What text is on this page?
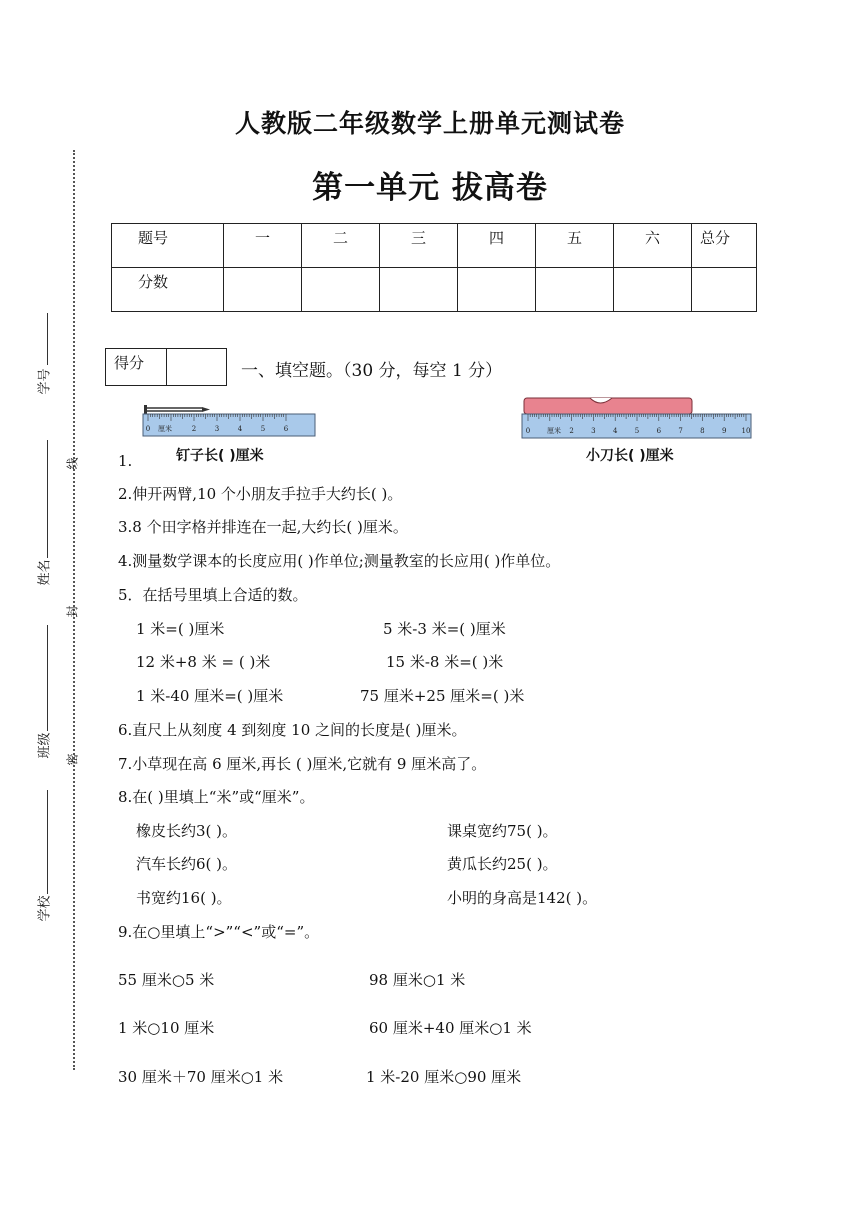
学号
姓名
班级
学校
线
封
密
人教版二年级数学上册单元测试卷
第一单元 拔高卷
题号	一	二	三	四	五	六	总分
分数							
得分	一、填空题。（30 分，每空 1 分）
0	2	3	4	5	6
厘米
1.	钉子长( )厘米
0	2 3 4 5 6 7 8 9 10
厘米
小刀长( )厘米
2.伸开两臂,10 个小朋友手拉手大约长( )。
3.8 个田字格并排连在一起,大约长( )厘米。
4.测量数学课本的长度应用( )作单位;测量教室的长应用( )作单位。
5．在括号里填上合适的数。
1 米=( )厘米	5 米-3 米=( )厘米
12 米+8 米 = ( )米	15 米-8 米=( )米
1 米-40 厘米=( )厘米	75 厘米+25 厘米=( )米
6.直尺上从刻度 4 到刻度 10 之间的长度是( )厘米。
7.小草现在高 6 厘米,再长 ( )厘米,它就有 9 厘米高了。
8.在( )里填上“米”或“厘米”。
橡皮长约3( )。	课桌宽约75( )。
汽车长约6( )。	黄瓜长约25( )。
书宽约16( )。	小明的身高是142( )。
9.在○里填上“>”“<”或“=”。
55 厘米○5 米	98 厘米○1 米
1 米○10 厘米	60 厘米+40 厘米○1 米
30 厘米＋70 厘米○1 米	1 米-20 厘米○90 厘米
